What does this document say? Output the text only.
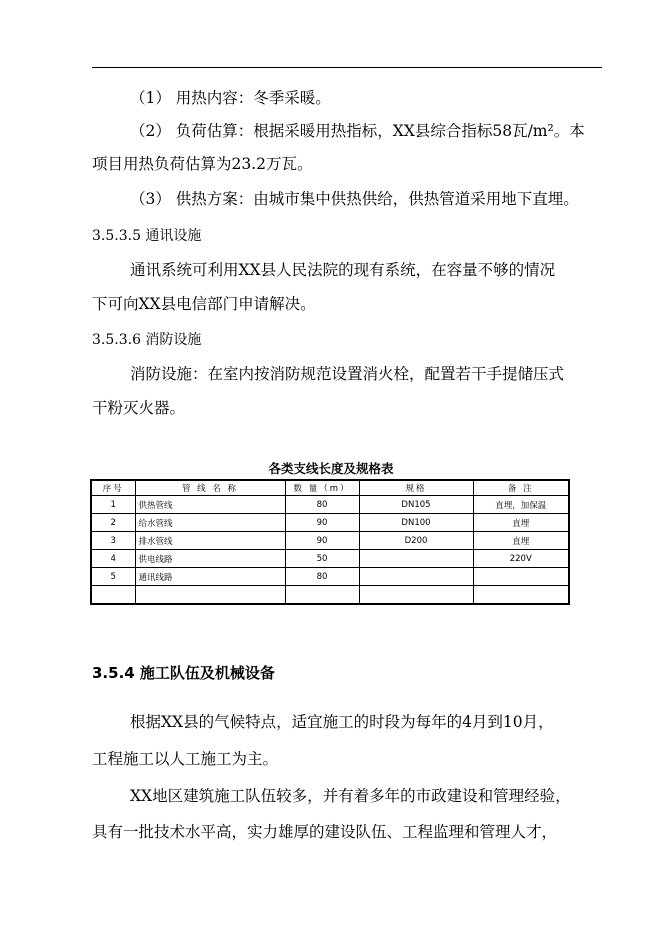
（1） 用热内容：冬季采暖。
（2） 负荷估算：根据采暖用热指标，XX县综合指标58瓦/m²。本
项目用热负荷估算为23.2万瓦。
（3） 供热方案：由城市集中供热供给，供热管道采用地下直埋。
3.5.3.5 通讯设施
通讯系统可利用XX县人民法院的现有系统，在容量不够的情况
下可向XX县电信部门申请解决。
3.5.3.6 消防设施
消防设施：在室内按消防规范设置消火栓，配置若干手提储压式
干粉灭火器。
各类支线长度及规格表
序号	管 线 名 称	数 量（m）	规格	备 注
1	供热管线	80	DN105	直埋，加保温
2	给水管线	90	DN100	直埋
3	排水管线	90	D200	直埋
4	供电线路	50		220V
5	通讯线路	80		

3.5.4 施工队伍及机械设备
根据XX县的气候特点，适宜施工的时段为每年的4月到10月，
工程施工以人工施工为主。
XX地区建筑施工队伍较多，并有着多年的市政建设和管理经验，
具有一批技术水平高，实力雄厚的建设队伍、工程监理和管理人才，
